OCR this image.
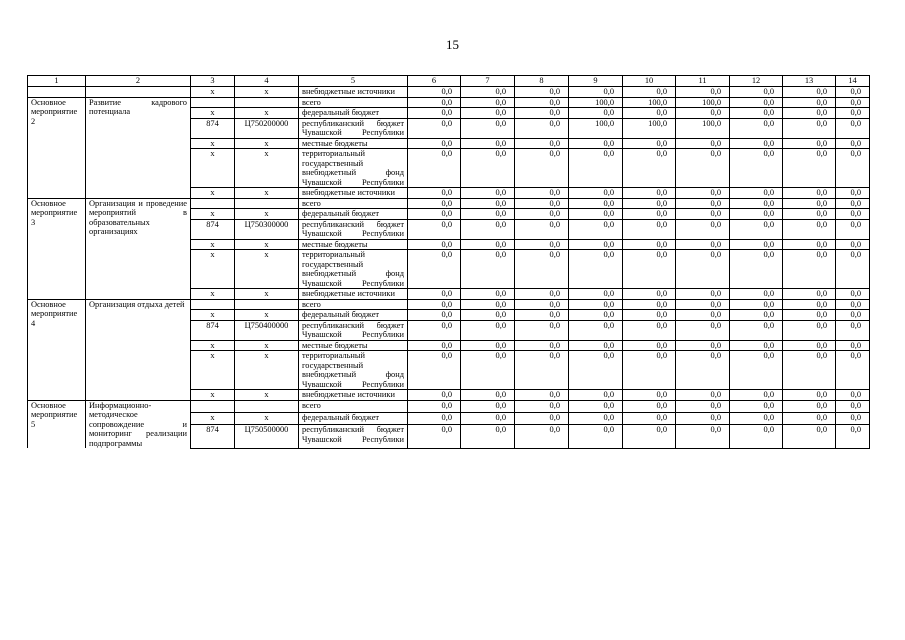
15
1	2	3	4	5	6	7	8	9	10	11	12	13	14
		x	x	внебюджетные источники	0,0	0,0	0,0	0,0	0,0	0,0	0,0	0,0	0,0
Основное мероприятие 2	Развитие кадрового потенциала			всего	0,0	0,0	0,0	100,0	100,0	100,0	0,0	0,0	0,0
		x	x	федеральный бюджет	0,0	0,0	0,0	0,0	0,0	0,0	0,0	0,0	0,0
		874	Ц750200000	республиканский бюджет Чувашской Республики	0,0	0,0	0,0	100,0	100,0	100,0	0,0	0,0	0,0
		x	x	местные бюджеты	0,0	0,0	0,0	0,0	0,0	0,0	0,0	0,0	0,0
		x	x	территориальный государственный внебюджетный фонд Чувашской Республики	0,0	0,0	0,0	0,0	0,0	0,0	0,0	0,0	0,0
		x	x	внебюджетные источники	0,0	0,0	0,0	0,0	0,0	0,0	0,0	0,0	0,0
Основное мероприятие 3	Организация и проведение мероприятий в образовательных организациях			всего	0,0	0,0	0,0	0,0	0,0	0,0	0,0	0,0	0,0
		x	x	федеральный бюджет	0,0	0,0	0,0	0,0	0,0	0,0	0,0	0,0	0,0
		874	Ц750300000	республиканский бюджет Чувашской Республики	0,0	0,0	0,0	0,0	0,0	0,0	0,0	0,0	0,0
		x	x	местные бюджеты	0,0	0,0	0,0	0,0	0,0	0,0	0,0	0,0	0,0
		x	x	территориальный государственный внебюджетный фонд Чувашской Республики	0,0	0,0	0,0	0,0	0,0	0,0	0,0	0,0	0,0
		x	x	внебюджетные источники	0,0	0,0	0,0	0,0	0,0	0,0	0,0	0,0	0,0
Основное мероприятие 4	Организация отдыха детей			всего	0,0	0,0	0,0	0,0	0,0	0,0	0,0	0,0	0,0
		x	x	федеральный бюджет	0,0	0,0	0,0	0,0	0,0	0,0	0,0	0,0	0,0
		874	Ц750400000	республиканский бюджет Чувашской Республики	0,0	0,0	0,0	0,0	0,0	0,0	0,0	0,0	0,0
		x	x	местные бюджеты	0,0	0,0	0,0	0,0	0,0	0,0	0,0	0,0	0,0
		x	x	территориальный государственный внебюджетный фонд Чувашской Республики	0,0	0,0	0,0	0,0	0,0	0,0	0,0	0,0	0,0
		x	x	внебюджетные источники	0,0	0,0	0,0	0,0	0,0	0,0	0,0	0,0	0,0
Основное мероприятие 5	Информационно-методическое сопровождение и мониторинг реализации подпрограммы			всего	0,0	0,0	0,0	0,0	0,0	0,0	0,0	0,0	0,0
		x	x	федеральный бюджет	0,0	0,0	0,0	0,0	0,0	0,0	0,0	0,0	0,0
		874	Ц750500000	республиканский бюджет Чувашской Республики	0,0	0,0	0,0	0,0	0,0	0,0	0,0	0,0	0,0
